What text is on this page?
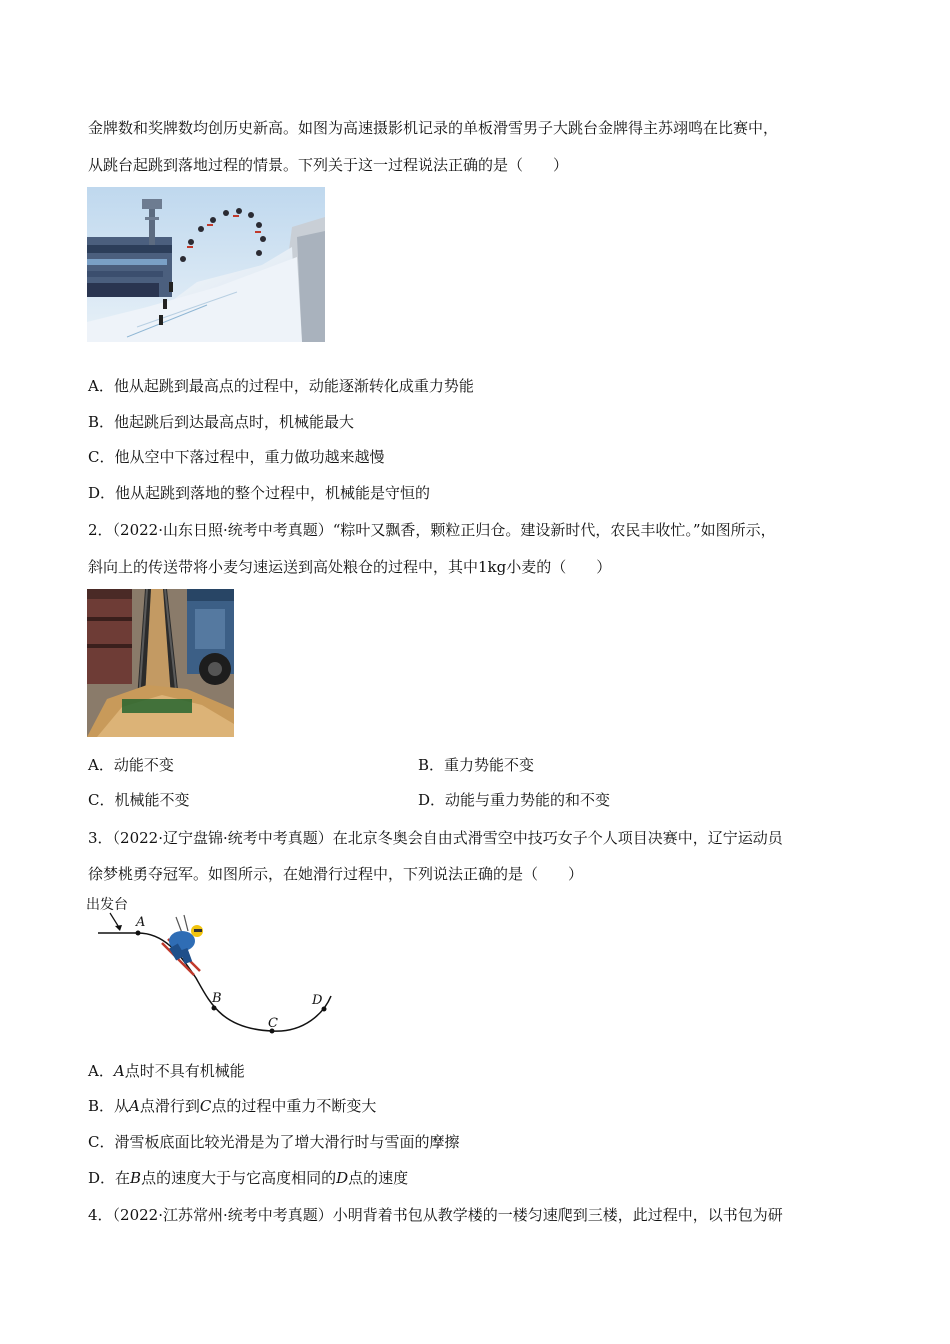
金牌数和奖牌数均创历史新高。如图为高速摄影机记录的单板滑雪男子大跳台金牌得主苏翊鸣在比赛中，
从跳台起跳到落地过程的情景。下列关于这一过程说法正确的是（　　）
A．他从起跳到最高点的过程中，动能逐渐转化成重力势能
B．他起跳后到达最高点时，机械能最大
C．他从空中下落过程中，重力做功越来越慢
D．他从起跳到落地的整个过程中，机械能是守恒的
2．（2022·山东日照·统考中考真题）“粽叶又飘香，颗粒正归仓。建设新时代，农民丰收忙。”如图所示，
斜向上的传送带将小麦匀速运送到高处粮仓的过程中，其中1kg小麦的（　　）
A．动能不变	B．重力势能不变
C．机械能不变	D．动能与重力势能的和不变
3．（2022·辽宁盘锦·统考中考真题）在北京冬奥会自由式滑雪空中技巧女子个人项目决赛中，辽宁运动员
徐梦桃勇夺冠军。如图所示，在她滑行过程中，下列说法正确的是（　　）
出发台
A
B
C
D
A．A点时不具有机械能
B．从A点滑行到C点的过程中重力不断变大
C．滑雪板底面比较光滑是为了增大滑行时与雪面的摩擦
D．在B点的速度大于与它高度相同的D点的速度
4．（2022·江苏常州·统考中考真题）小明背着书包从教学楼的一楼匀速爬到三楼，此过程中，以书包为研
